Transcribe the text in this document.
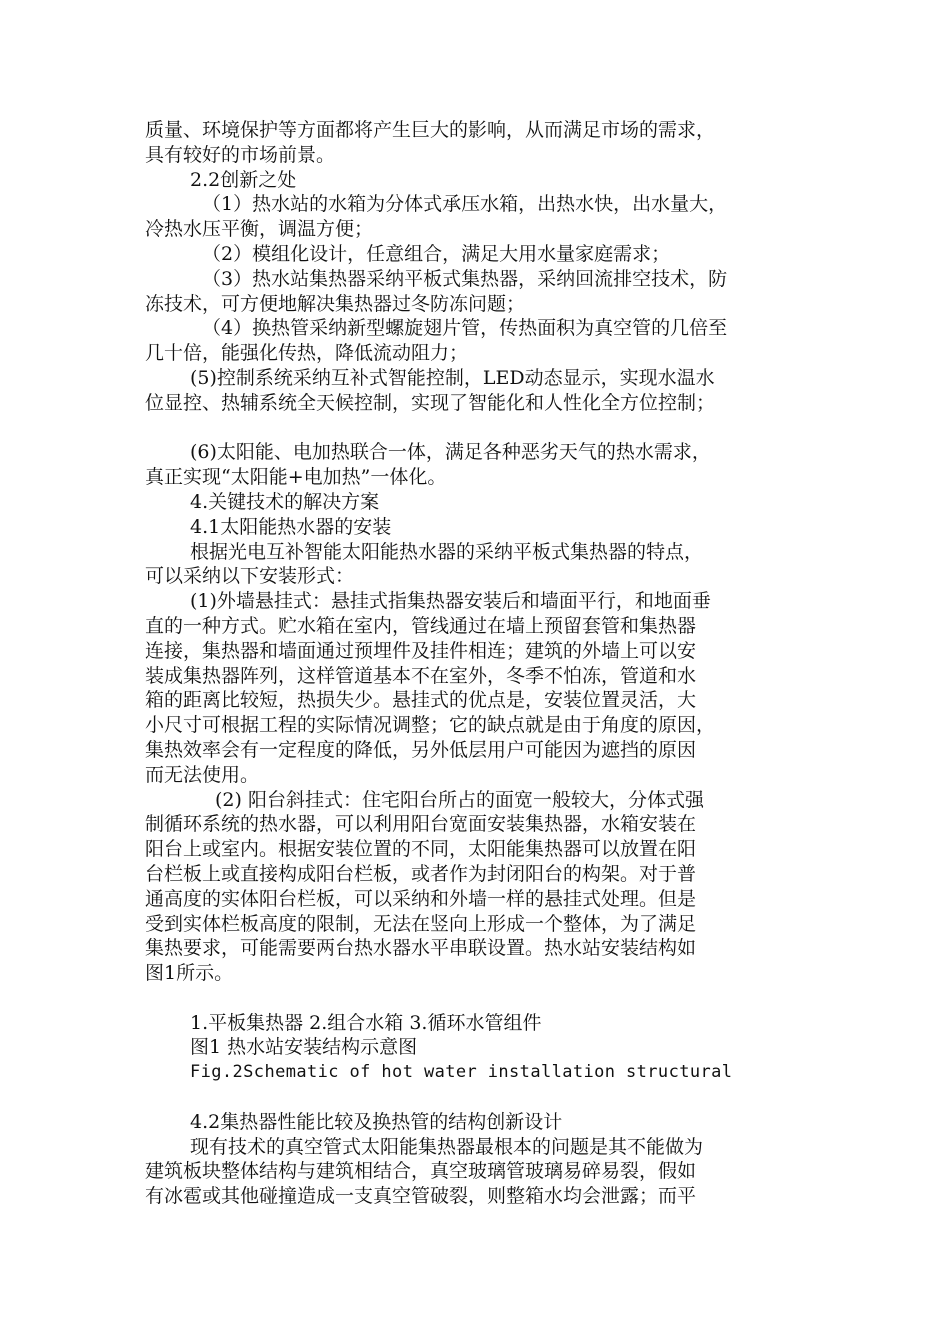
质量、环境保护等方面都将产生巨大的影响，从而满足市场的需求，
具有较好的市场前景。
2.2创新之处
（1）热水站的水箱为分体式承压水箱，出热水快，出水量大，
冷热水压平衡，调温方便；
（2）模组化设计，任意组合，满足大用水量家庭需求；
（3）热水站集热器采纳平板式集热器，采纳回流排空技术，防
冻技术，可方便地解决集热器过冬防冻问题；
（4）换热管采纳新型螺旋翅片管，传热面积为真空管的几倍至
几十倍，能强化传热，降低流动阻力；
(5)控制系统采纳互补式智能控制，LED动态显示，实现水温水
位显控、热辅系统全天候控制，实现了智能化和人性化全方位控制；
(6)太阳能、电加热联合一体，满足各种恶劣天气的热水需求，
真正实现“太阳能+电加热”一体化。
4.关键技术的解决方案
4.1太阳能热水器的安装
根据光电互补智能太阳能热水器的采纳平板式集热器的特点，
可以采纳以下安装形式：
(1)外墙悬挂式：悬挂式指集热器安装后和墙面平行，和地面垂
直的一种方式。贮水箱在室内，管线通过在墙上预留套管和集热器
连接，集热器和墙面通过预埋件及挂件相连；建筑的外墙上可以安
装成集热器阵列，这样管道基本不在室外，冬季不怕冻，管道和水
箱的距离比较短，热损失少。悬挂式的优点是，安装位置灵活，大
小尺寸可根据工程的实际情况调整；它的缺点就是由于角度的原因，
集热效率会有一定程度的降低，另外低层用户可能因为遮挡的原因
而无法使用。
(2) 阳台斜挂式：住宅阳台所占的面宽一般较大，分体式强
制循环系统的热水器，可以利用阳台宽面安装集热器，水箱安装在
阳台上或室内。根据安装位置的不同，太阳能集热器可以放置在阳
台栏板上或直接构成阳台栏板，或者作为封闭阳台的构架。对于普
通高度的实体阳台栏板，可以采纳和外墙一样的悬挂式处理。但是
受到实体栏板高度的限制，无法在竖向上形成一个整体，为了满足
集热要求，可能需要两台热水器水平串联设置。热水站安装结构如
图1所示。
1.平板集热器 2.组合水箱 3.循环水管组件
图1 热水站安装结构示意图
Fig.2Schematic of hot water installation structural
4.2集热器性能比较及换热管的结构创新设计
现有技术的真空管式太阳能集热器最根本的问题是其不能做为
建筑板块整体结构与建筑相结合，真空玻璃管玻璃易碎易裂，假如
有冰雹或其他碰撞造成一支真空管破裂，则整箱水均会泄露；而平
